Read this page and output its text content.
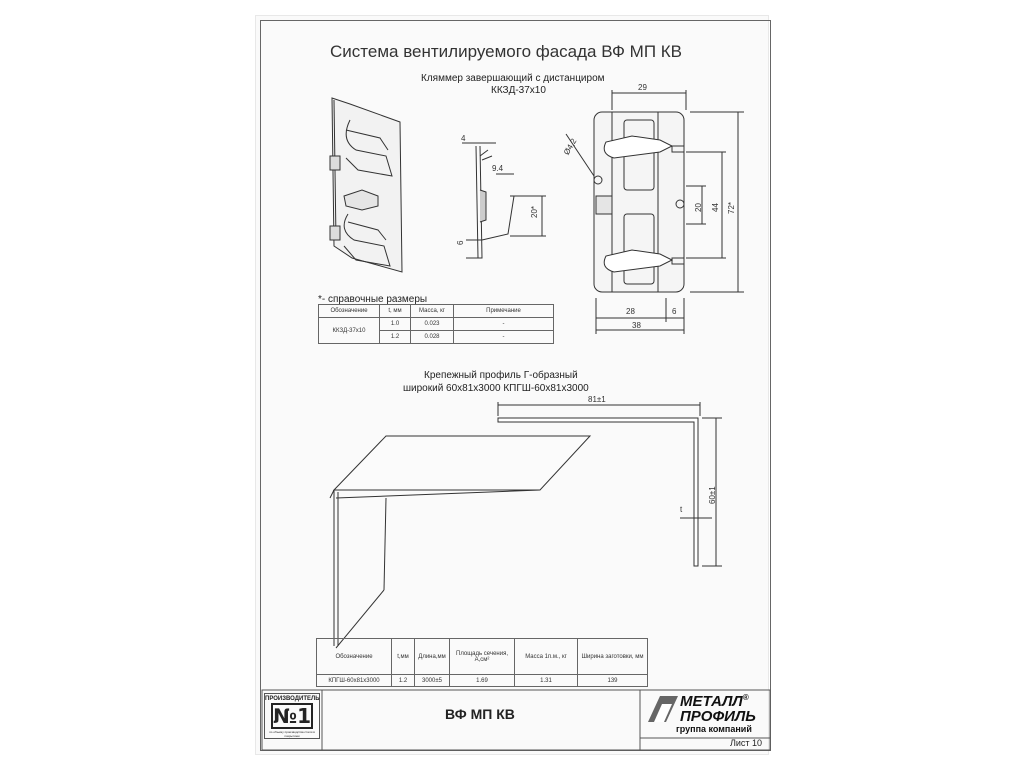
Система вентилируемого фасада ВФ МП КВ
Кляммер завершающий с дистанциром
ККЗД-37х10	29
4
9.4
20*
6
Ø4,2
20 44 72*
28	6
38
*- справочные размеры
Обозначение	t, мм	Масса, кг	Примечание
ККЗД-37х10	1.0	0.023	-
	1.2	0.028	-
Крепежный профиль Г-образный
широкий 60х81х3000 КПГШ-60х81х3000
81±1
60±1
t
Обозначение	t,мм	Длина,мм	Площадь сечения, А,см²	Масса 1п.м., кг	Ширина заготовки, мм
КПГШ-60х81х3000	1.2	3000±5	1.69	1.31	139
ПРОИЗВОДИТЕЛЬ
№1
по объему производства стали в покрытием
ВФ МП КВ
МЕТАЛЛ®
ПРОФИЛЬ
группа компаний
Лист 10
